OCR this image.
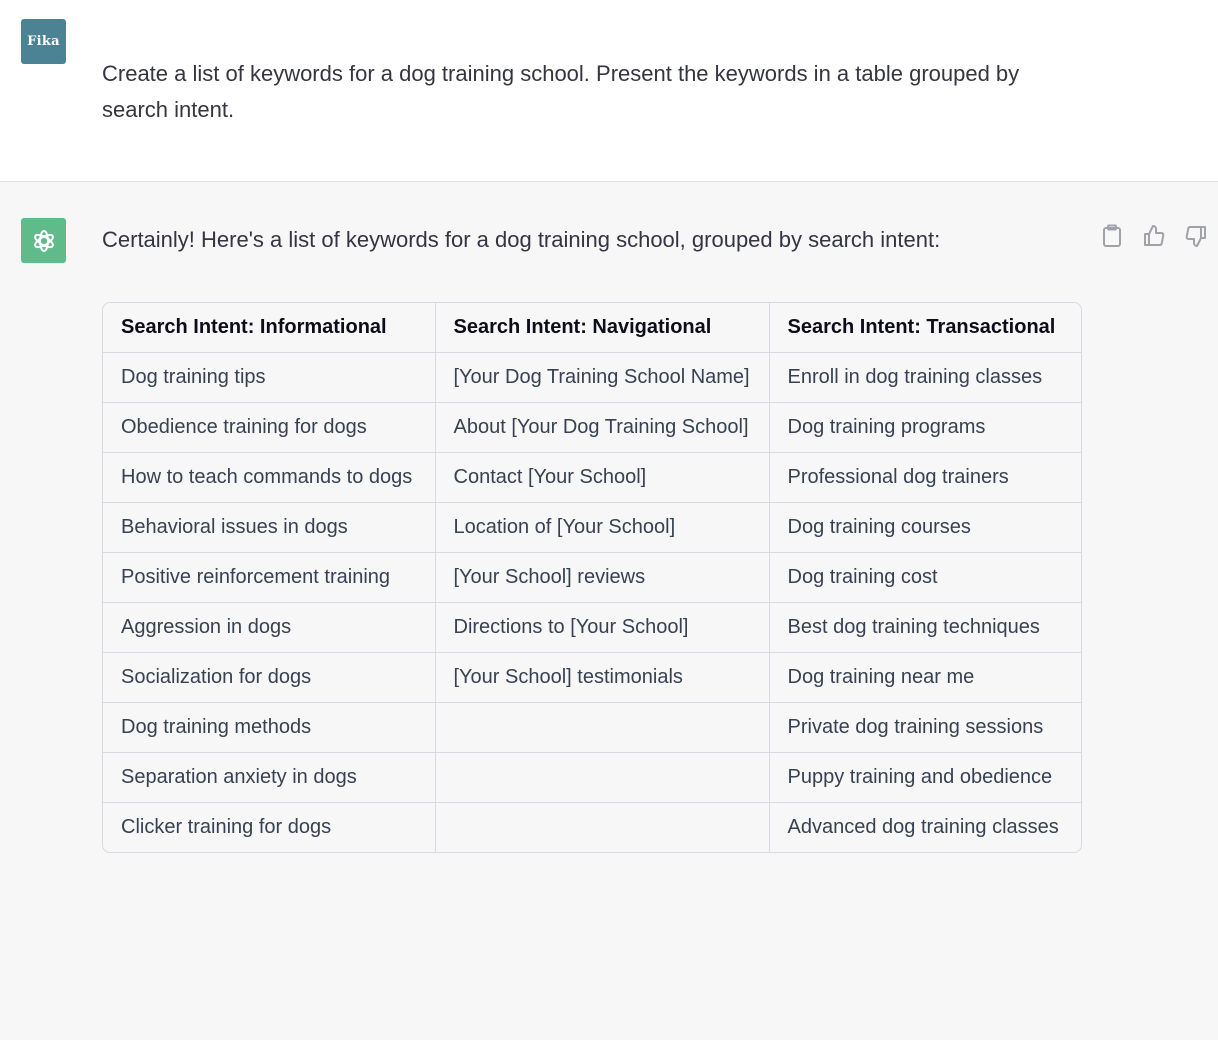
Fika
Create a list of keywords for a dog training school. Present the keywords in a table grouped by search intent.
Certainly! Here's a list of keywords for a dog training school, grouped by search intent:
Search Intent: Informational	Search Intent: Navigational	Search Intent: Transactional
Dog training tips	[Your Dog Training School Name]	Enroll in dog training classes
Obedience training for dogs	About [Your Dog Training School]	Dog training programs
How to teach commands to dogs	Contact [Your School]	Professional dog trainers
Behavioral issues in dogs	Location of [Your School]	Dog training courses
Positive reinforcement training	[Your School] reviews	Dog training cost
Aggression in dogs	Directions to [Your School]	Best dog training techniques
Socialization for dogs	[Your School] testimonials	Dog training near me
Dog training methods		Private dog training sessions
Separation anxiety in dogs		Puppy training and obedience
Clicker training for dogs		Advanced dog training classes
